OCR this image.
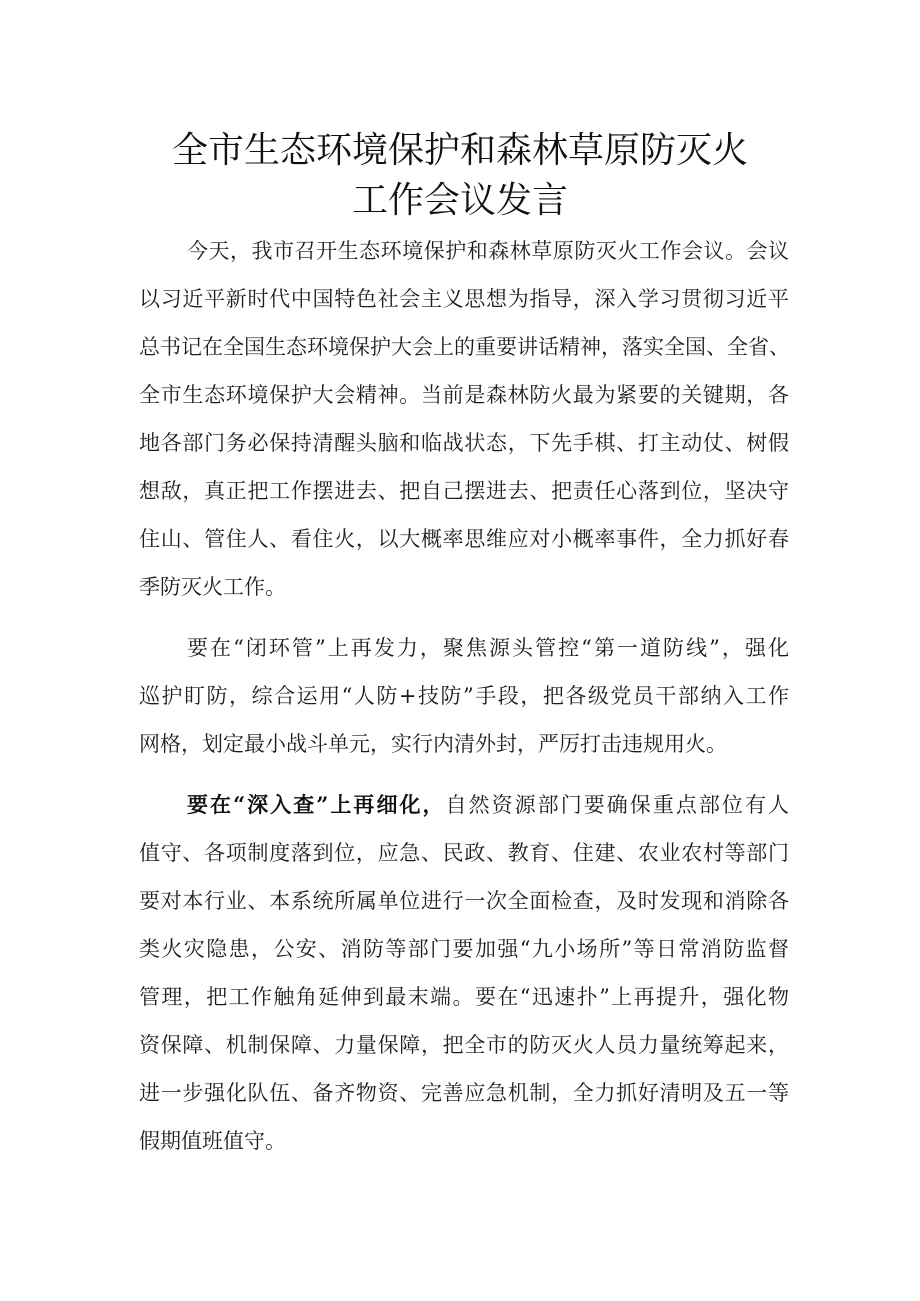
全市生态环境保护和森林草原防灭火
工作会议发言
今天，我市召开生态环境保护和森林草原防灭火工作会议。会议
以习近平新时代中国特色社会主义思想为指导，深入学习贯彻习近平
总书记在全国生态环境保护大会上的重要讲话精神，落实全国、全省、
全市生态环境保护大会精神。当前是森林防火最为紧要的关键期，各
地各部门务必保持清醒头脑和临战状态，下先手棋、打主动仗、树假
想敌，真正把工作摆进去、把自己摆进去、把责任心落到位，坚决守
住山、管住人、看住火，以大概率思维应对小概率事件，全力抓好春
季防灭火工作。
要在“闭环管”上再发力，聚焦源头管控“第一道防线”，强化
巡护盯防，综合运用“人防+技防”手段，把各级党员干部纳入工作
网格，划定最小战斗单元，实行内清外封，严厉打击违规用火。
要在“深入查”上再细化，自然资源部门要确保重点部位有人
值守、各项制度落到位，应急、民政、教育、住建、农业农村等部门
要对本行业、本系统所属单位进行一次全面检查，及时发现和消除各
类火灾隐患，公安、消防等部门要加强“九小场所”等日常消防监督
管理，把工作触角延伸到最末端。要在“迅速扑”上再提升，强化物
资保障、机制保障、力量保障，把全市的防灭火人员力量统筹起来，
进一步强化队伍、备齐物资、完善应急机制，全力抓好清明及五一等
假期值班值守。
